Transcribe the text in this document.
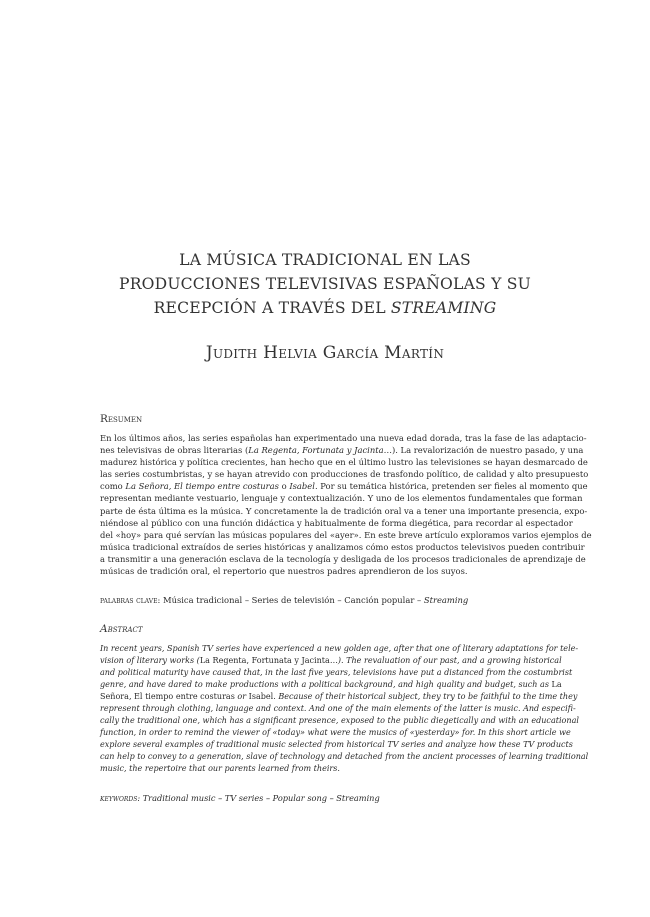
LA MÚSICA TRADICIONAL EN LAS
PRODUCCIONES TELEVISIVAS ESPAÑOLAS Y SU
RECEPCIÓN A TRAVÉS DEL STREAMING
Judith Helvia García Martín
Resumen
En los últimos años, las series españolas han experimentado una nueva edad dorada, tras la fase de las adaptacio-
nes televisivas de obras literarias (La Regenta, Fortunata y Jacinta…). La revalorización de nuestro pasado, y una
madurez histórica y política crecientes, han hecho que en el último lustro las televisiones se hayan desmarcado de
las series costumbristas, y se hayan atrevido con producciones de trasfondo político, de calidad y alto presupuesto
como La Señora, El tiempo entre costuras o Isabel. Por su temática histórica, pretenden ser fieles al momento que
representan mediante vestuario, lenguaje y contextualización. Y uno de los elementos fundamentales que forman
parte de ésta última es la música. Y concretamente la de tradición oral va a tener una importante presencia, expo-
niéndose al público con una función didáctica y habitualmente de forma diegética, para recordar al espectador
del «hoy» para qué servían las músicas populares del «ayer». En este breve artículo exploramos varios ejemplos de
música tradicional extraídos de series históricas y analizamos cómo estos productos televisivos pueden contribuir
a transmitir a una generación esclava de la tecnología y desligada de los procesos tradicionales de aprendizaje de
músicas de tradición oral, el repertorio que nuestros padres aprendieron de los suyos.
palabras clave: Música tradicional – Series de televisión – Canción popular – Streaming
Abstract
In recent years, Spanish TV series have experienced a new golden age, after that one of literary adaptations for tele-
vision of literary works (La Regenta, Fortunata y Jacinta…). The revaluation of our past, and a growing historical
and political maturity have caused that, in the last five years, televisions have put a distanced from the costumbrist
genre, and have dared to make productions with a political background, and high quality and budget, such as La
Señora, El tiempo entre costuras or Isabel. Because of their historical subject, they try to be faithful to the time they
represent through clothing, language and context. And one of the main elements of the latter is music. And especifi-
cally the traditional one, which has a significant presence, exposed to the public diegetically and with an educational
function, in order to remind the viewer of «today» what were the musics of «yesterday» for. In this short article we
explore several examples of traditional music selected from historical TV series and analyze how these TV products
can help to convey to a generation, slave of technology and detached from the ancient processes of learning traditional
music, the repertoire that our parents learned from theirs.
keywords: Traditional music – TV series – Popular song – Streaming
